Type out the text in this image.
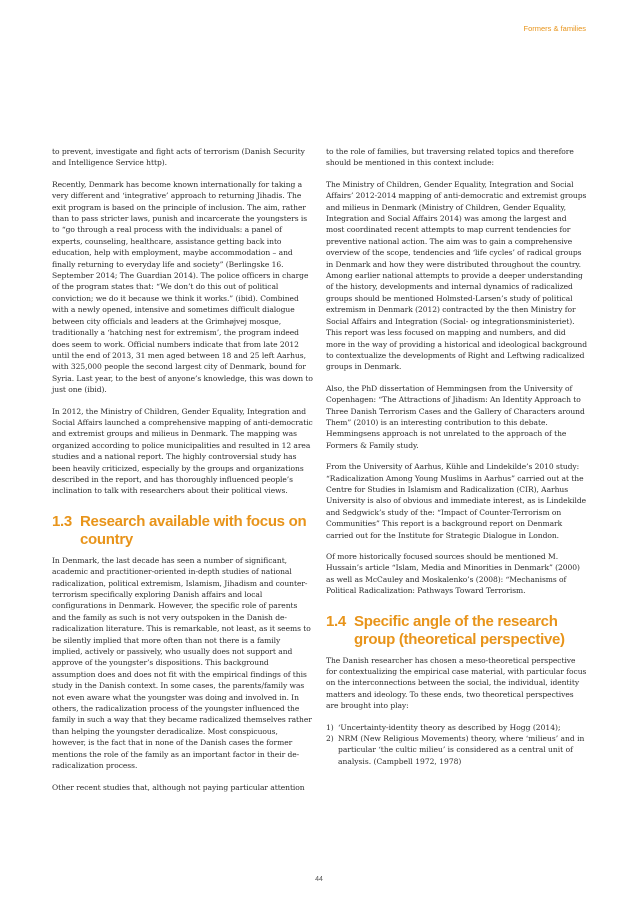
Formers & families

to prevent, investigate and fight acts of terrorism (Danish Security and Intelligence Service http).

Recently, Denmark has become known internationally for taking a very different and ‘integrative’ approach to returning Jihadis. The exit program is based on the principle of inclusion. The aim, rather than to pass stricter laws, punish and incarcerate the youngsters is to “go through a real process with the individuals: a panel of experts, counseling, healthcare, assistance getting back into education, help with employment, maybe accommodation – and finally returning to everyday life and society” (Berlingske 16. September 2014; The Guardian 2014). The police officers in charge of the program states that: “We don’t do this out of political conviction; we do it because we think it works.” (ibid). Combined with a newly opened, intensive and sometimes difficult dialogue between city officials and leaders at the Grimhøjvej mosque, traditionally a ‘hatching nest for extremism’, the program indeed does seem to work. Official numbers indicate that from late 2012 until the end of 2013, 31 men aged between 18 and 25 left Aarhus, with 325,000 people the second largest city of Denmark, bound for Syria. Last year, to the best of anyone’s knowledge, this was down to just one (ibid).

In 2012, the Ministry of Children, Gender Equality, Integration and Social Affairs launched a comprehensive mapping of anti-democratic and extremist groups and milieus in Denmark. The mapping was organized according to police municipalities and resulted in 12 area studies and a national report. The highly controversial study has been heavily criticized, especially by the groups and organizations described in the report, and has thoroughly influenced people’s inclination to talk with researchers about their political views.

1.3 Research available with focus on country

In Denmark, the last decade has seen a number of significant, academic and practitioner-oriented in-depth studies of national radicalization, political extremism, Islamism, Jihadism and counter-terrorism specifically exploring Danish affairs and local configurations in Denmark. However, the specific role of parents and the family as such is not very outspoken in the Danish de-radicalization literature. This is remarkable, not least, as it seems to be silently implied that more often than not there is a family implied, actively or passively, who usually does not support and approve of the youngster’s dispositions. This background assumption does and does not fit with the empirical findings of this study in the Danish context. In some cases, the parents/family was not even aware what the youngster was doing and involved in. In others, the radicalization process of the youngster influenced the family in such a way that they became radicalized themselves rather than helping the youngster deradicalize. Most conspicuous, however, is the fact that in none of the Danish cases the former mentions the role of the family as an important factor in their de-radicalization process.

Other recent studies that, although not paying particular attention

to the role of families, but traversing related topics and therefore should be mentioned in this context include:

The Ministry of Children, Gender Equality, Integration and Social Affairs’ 2012-2014 mapping of anti-democratic and extremist groups and milieus in Denmark (Ministry of Children, Gender Equality, Integration and Social Affairs 2014) was among the largest and most coordinated recent attempts to map current tendencies for preventive national action. The aim was to gain a comprehensive overview of the scope, tendencies and ‘life cycles’ of radical groups in Denmark and how they were distributed throughout the country. Among earlier national attempts to provide a deeper understanding of the history, developments and internal dynamics of radicalized groups should be mentioned Holmsted-Larsen’s study of political extremism in Denmark (2012) contracted by the then Ministry for Social Affairs and Integration (Social- og integrationsministeriet). This report was less focused on mapping and numbers, and did more in the way of providing a historical and ideological background to contextualize the developments of Right and Leftwing radicalized groups in Denmark.

Also, the PhD dissertation of Hemmingsen from the University of Copenhagen: “The Attractions of Jihadism: An Identity Approach to Three Danish Terrorism Cases and the Gallery of Characters around Them” (2010) is an interesting contribution to this debate. Hemmingsens approach is not unrelated to the approach of the Formers & Family study.

From the University of Aarhus, Kühle and Lindekilde’s 2010 study: “Radicalization Among Young Muslims in Aarhus” carried out at the Centre for Studies in Islamism and Radicalization (CIR), Aarhus University is also of obvious and immediate interest, as is Lindekilde and Sedgwick’s study of the: “Impact of Counter-Terrorism on Communities” This report is a background report on Denmark carried out for the Institute for Strategic Dialogue in London.

Of more historically focused sources should be mentioned M. Hussain’s article “Islam, Media and Minorities in Denmark” (2000) as well as McCauley and Moskalenko’s (2008): “Mechanisms of Political Radicalization: Pathways Toward Terrorism.

1.4 Specific angle of the research group (theoretical perspective)

The Danish researcher has chosen a meso-theoretical perspective for contextualizing the empirical case material, with particular focus on the interconnections between the social, the individual, identity matters and ideology. To these ends, two theoretical perspectives are brought into play:

1) ‘Uncertainty-identity theory as described by Hogg (2014);
2) NRM (New Religious Movements) theory, where ‘milieus’ and in particular ‘the cultic milieu’ is considered as a central unit of analysis. (Campbell 1972, 1978)
44
